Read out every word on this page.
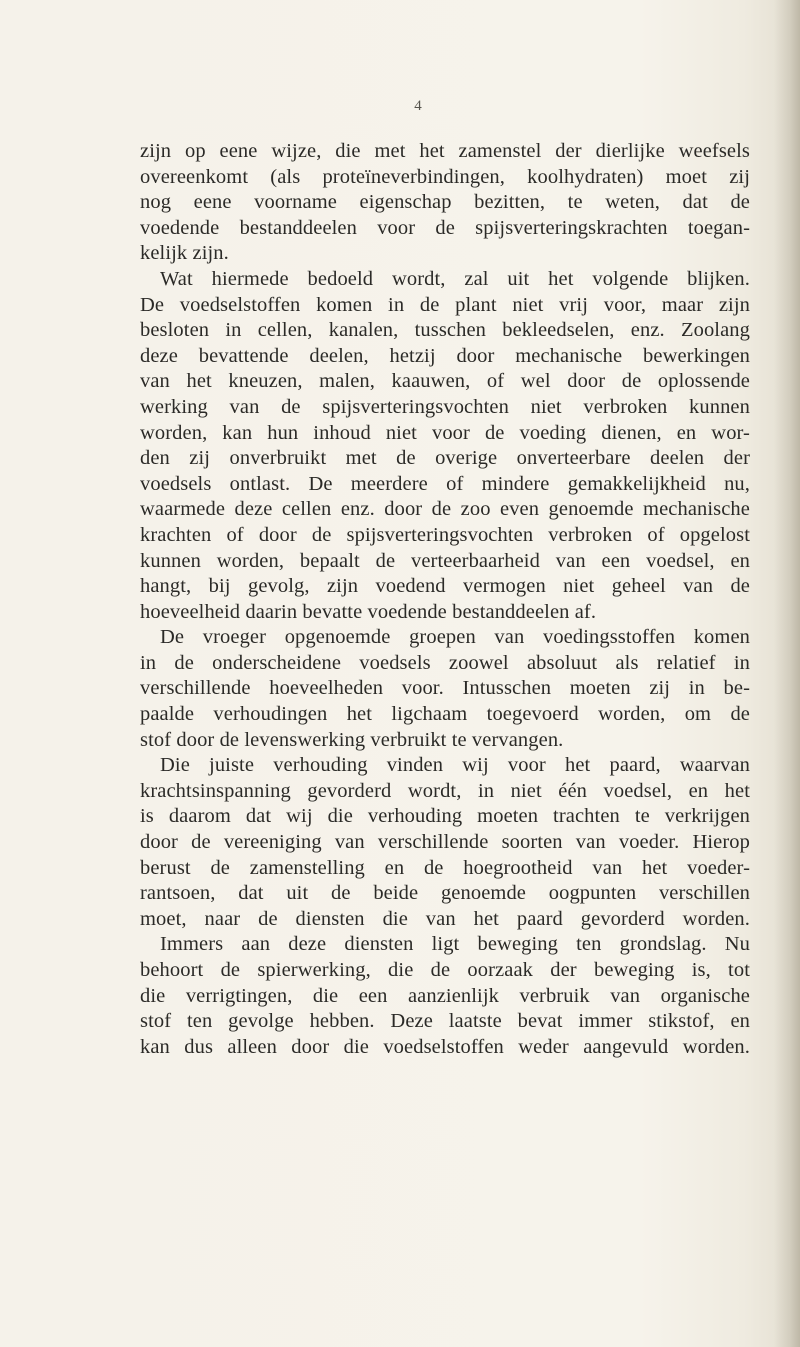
4
zijn op eene wijze, die met het zamenstel der dierlijke weefsels
overeenkomt (als proteïneverbindingen, koolhydraten) moet zij
nog eene voorname eigenschap bezitten, te weten, dat de
voedende bestanddeelen voor de spijsverteringskrachten toegan-
kelijk zijn.
Wat hiermede bedoeld wordt, zal uit het volgende blijken.
De voedselstoffen komen in de plant niet vrij voor, maar zijn
besloten in cellen, kanalen, tusschen bekleedselen, enz. Zoolang
deze bevattende deelen, hetzij door mechanische bewerkingen
van het kneuzen, malen, kaauwen, of wel door de oplossende
werking van de spijsverteringsvochten niet verbroken kunnen
worden, kan hun inhoud niet voor de voeding dienen, en wor-
den zij onverbruikt met de overige onverteerbare deelen der
voedsels ontlast. De meerdere of mindere gemakkelijkheid nu,
waarmede deze cellen enz. door de zoo even genoemde mechanische
krachten of door de spijsverteringsvochten verbroken of opgelost
kunnen worden, bepaalt de verteerbaarheid van een voedsel, en
hangt, bij gevolg, zijn voedend vermogen niet geheel van de
hoeveelheid daarin bevatte voedende bestanddeelen af.
De vroeger opgenoemde groepen van voedingsstoffen komen
in de onderscheidene voedsels zoowel absoluut als relatief in
verschillende hoeveelheden voor. Intusschen moeten zij in be-
paalde verhoudingen het ligchaam toegevoerd worden, om de
stof door de levenswerking verbruikt te vervangen.
Die juiste verhouding vinden wij voor het paard, waarvan
krachtsinspanning gevorderd wordt, in niet één voedsel, en het
is daarom dat wij die verhouding moeten trachten te verkrijgen
door de vereeniging van verschillende soorten van voeder. Hierop
berust de zamenstelling en de hoegrootheid van het voeder-
rantsoen, dat uit de beide genoemde oogpunten verschillen
moet, naar de diensten die van het paard gevorderd worden.
Immers aan deze diensten ligt beweging ten grondslag. Nu
behoort de spierwerking, die de oorzaak der beweging is, tot
die verrigtingen, die een aanzienlijk verbruik van organische
stof ten gevolge hebben. Deze laatste bevat immer stikstof, en
kan dus alleen door die voedselstoffen weder aangevuld worden.
